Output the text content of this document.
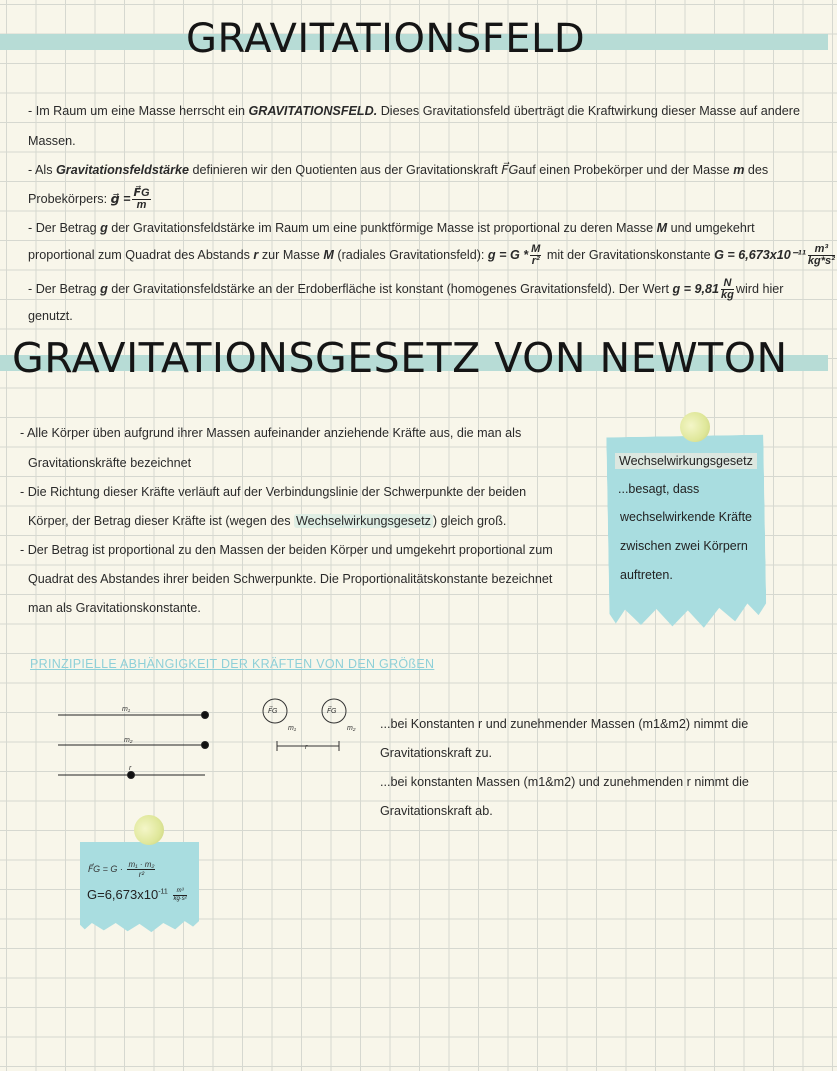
GRAVITATIONSFELD
- Im Raum um eine Masse herrscht ein GRAVITATIONSFELD. Dieses Gravitationsfeld überträgt die Kraftwirkung dieser Masse auf andere
Massen.
- Als Gravitationsfeldstärke definieren wir den Quotienten aus der Gravitationskraft F⃗Gauf einen Probekörper und der Masse m des
Probekörpers: g⃗ = $\frac{F⃗G}{m}$
- Der Betrag g der Gravitationsfeldstärke im Raum um eine punktförmige Masse ist proportional zu deren Masse M und umgekehrt
proportional zum Quadrat des Abstands r zur Masse M (radiales Gravitationsfeld): $g = G * \frac{M}{\text{r²}}$ mit der Gravitationskonstante $G = 6,673x10^{-11} \frac{\text{m³}}{\text{kg*s²}}$
- Der Betrag g der Gravitationsfeldstärke an der Erdoberfläche ist konstant (homogenes Gravitationsfeld). Der Wert $g = 9,81 \frac{N}{kg}$ wird hier
genutzt.
GRAVITATIONSGESETZ VON NEWTON
- Alle Körper üben aufgrund ihrer Massen aufeinander anziehende Kräfte aus, die man als
Gravitationskräfte bezeichnet
- Die Richtung dieser Kräfte verläuft auf der Verbindungslinie der Schwerpunkte der beiden
Körper, der Betrag dieser Kräfte ist (wegen des Wechselwirkungsgesetz ) gleich groß.
- Der Betrag ist proportional zu den Massen der beiden Körper und umgekehrt proportional zum
Quadrat des Abstandes ihrer beiden Schwerpunkte. Die Proportionalitätskonstante bezeichnet
man als Gravitationskonstante.
Wechselwirkungsgesetz
...besagt, dass
wechselwirkende Kräfte
zwischen zwei Körpern
auftreten.
PRINZIPIELLE ABHÄNGIGKEIT DER KRÄFTEN VON DEN GRÖßEN
m₁
m₂
r
F⃗G	F⃗G
m₁	m₂
r
...bei Konstanten r und zunehmender Massen (m1&m2) nimmt die
Gravitationskraft zu.
...bei konstanten Massen (m1&m2) und zunehmenden r nimmt die
Gravitationskraft ab.
F⃗G = $G \cdot \frac{\text{m₁ · m₂}}{\text{r²}}$
$G=6,673x10^{-11} \frac{\text{m³}}{\text{kg·s²}}$
